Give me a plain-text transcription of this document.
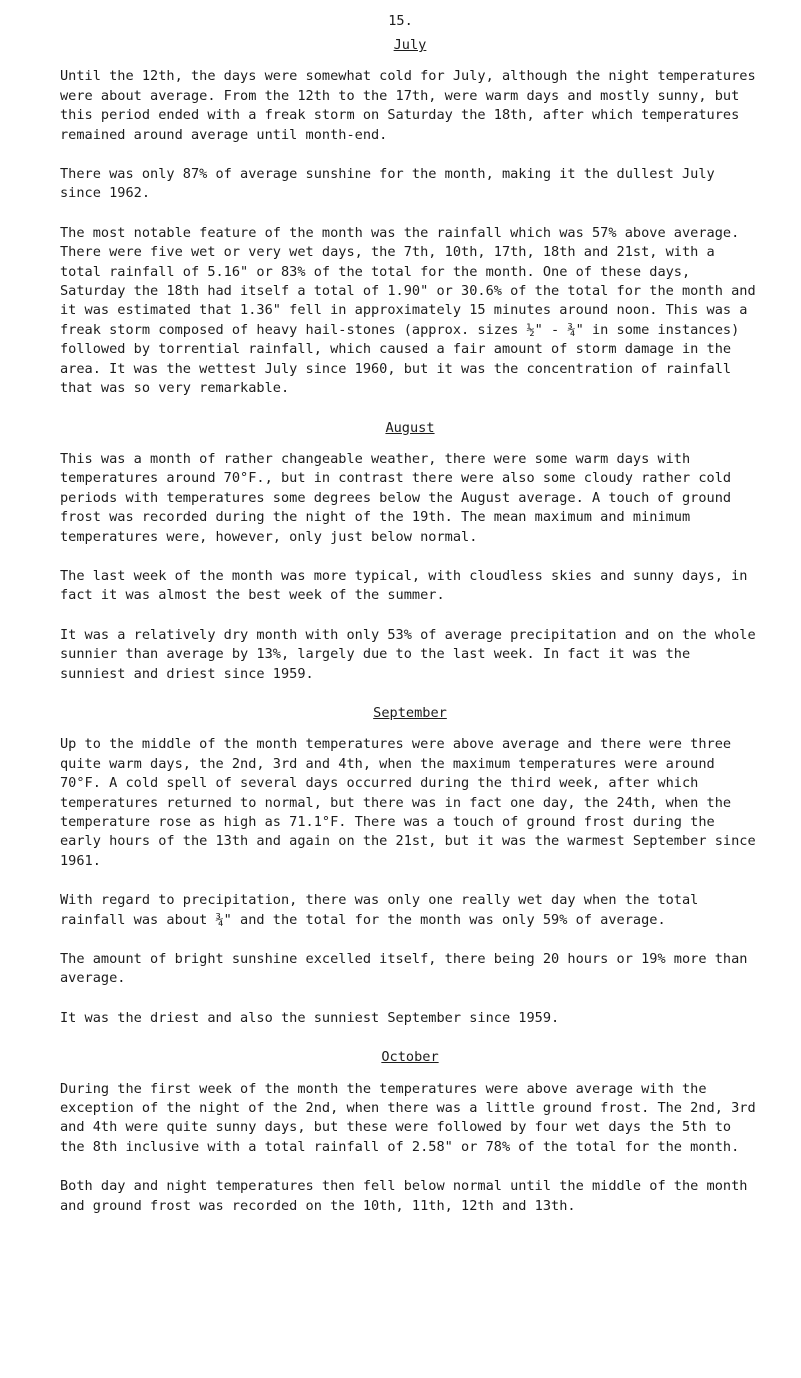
15.
July

Until the 12th, the days were somewhat cold for July, although the night temperatures were about average. From the 12th to the 17th, were warm days and mostly sunny, but this period ended with a freak storm on Saturday the 18th, after which temperatures remained around average until month-end.

There was only 87% of average sunshine for the month, making it the dullest July since 1962.

The most notable feature of the month was the rainfall which was 57% above average. There were five wet or very wet days, the 7th, 10th, 17th, 18th and 21st, with a total rainfall of 5.16" or 83% of the total for the month. One of these days, Saturday the 18th had itself a total of 1.90" or 30.6% of the total for the month and it was estimated that 1.36" fell in approximately 15 minutes around noon. This was a freak storm composed of heavy hail-stones (approx. sizes ½" - ¾" in some instances) followed by torrential rainfall, which caused a fair amount of storm damage in the area. It was the wettest July since 1960, but it was the concentration of rainfall that was so very remarkable.

August

This was a month of rather changeable weather, there were some warm days with temperatures around 70°F., but in contrast there were also some cloudy rather cold periods with temperatures some degrees below the August average. A touch of ground frost was recorded during the night of the 19th. The mean maximum and minimum temperatures were, however, only just below normal.

The last week of the month was more typical, with cloudless skies and sunny days, in fact it was almost the best week of the summer.

It was a relatively dry month with only 53% of average precipitation and on the whole sunnier than average by 13%, largely due to the last week. In fact it was the sunniest and driest since 1959.

September

Up to the middle of the month temperatures were above average and there were three quite warm days, the 2nd, 3rd and 4th, when the maximum temperatures were around 70°F. A cold spell of several days occurred during the third week, after which temperatures returned to normal, but there was in fact one day, the 24th, when the temperature rose as high as 71.1°F. There was a touch of ground frost during the early hours of the 13th and again on the 21st, but it was the warmest September since 1961.

With regard to precipitation, there was only one really wet day when the total rainfall was about ¾" and the total for the month was only 59% of average.

The amount of bright sunshine excelled itself, there being 20 hours or 19% more than average.

It was the driest and also the sunniest September since 1959.

October

During the first week of the month the temperatures were above average with the exception of the night of the 2nd, when there was a little ground frost. The 2nd, 3rd and 4th were quite sunny days, but these were followed by four wet days the 5th to the 8th inclusive with a total rainfall of 2.58" or 78% of the total for the month.

Both day and night temperatures then fell below normal until the middle of the month and ground frost was recorded on the 10th, 11th, 12th and 13th.
